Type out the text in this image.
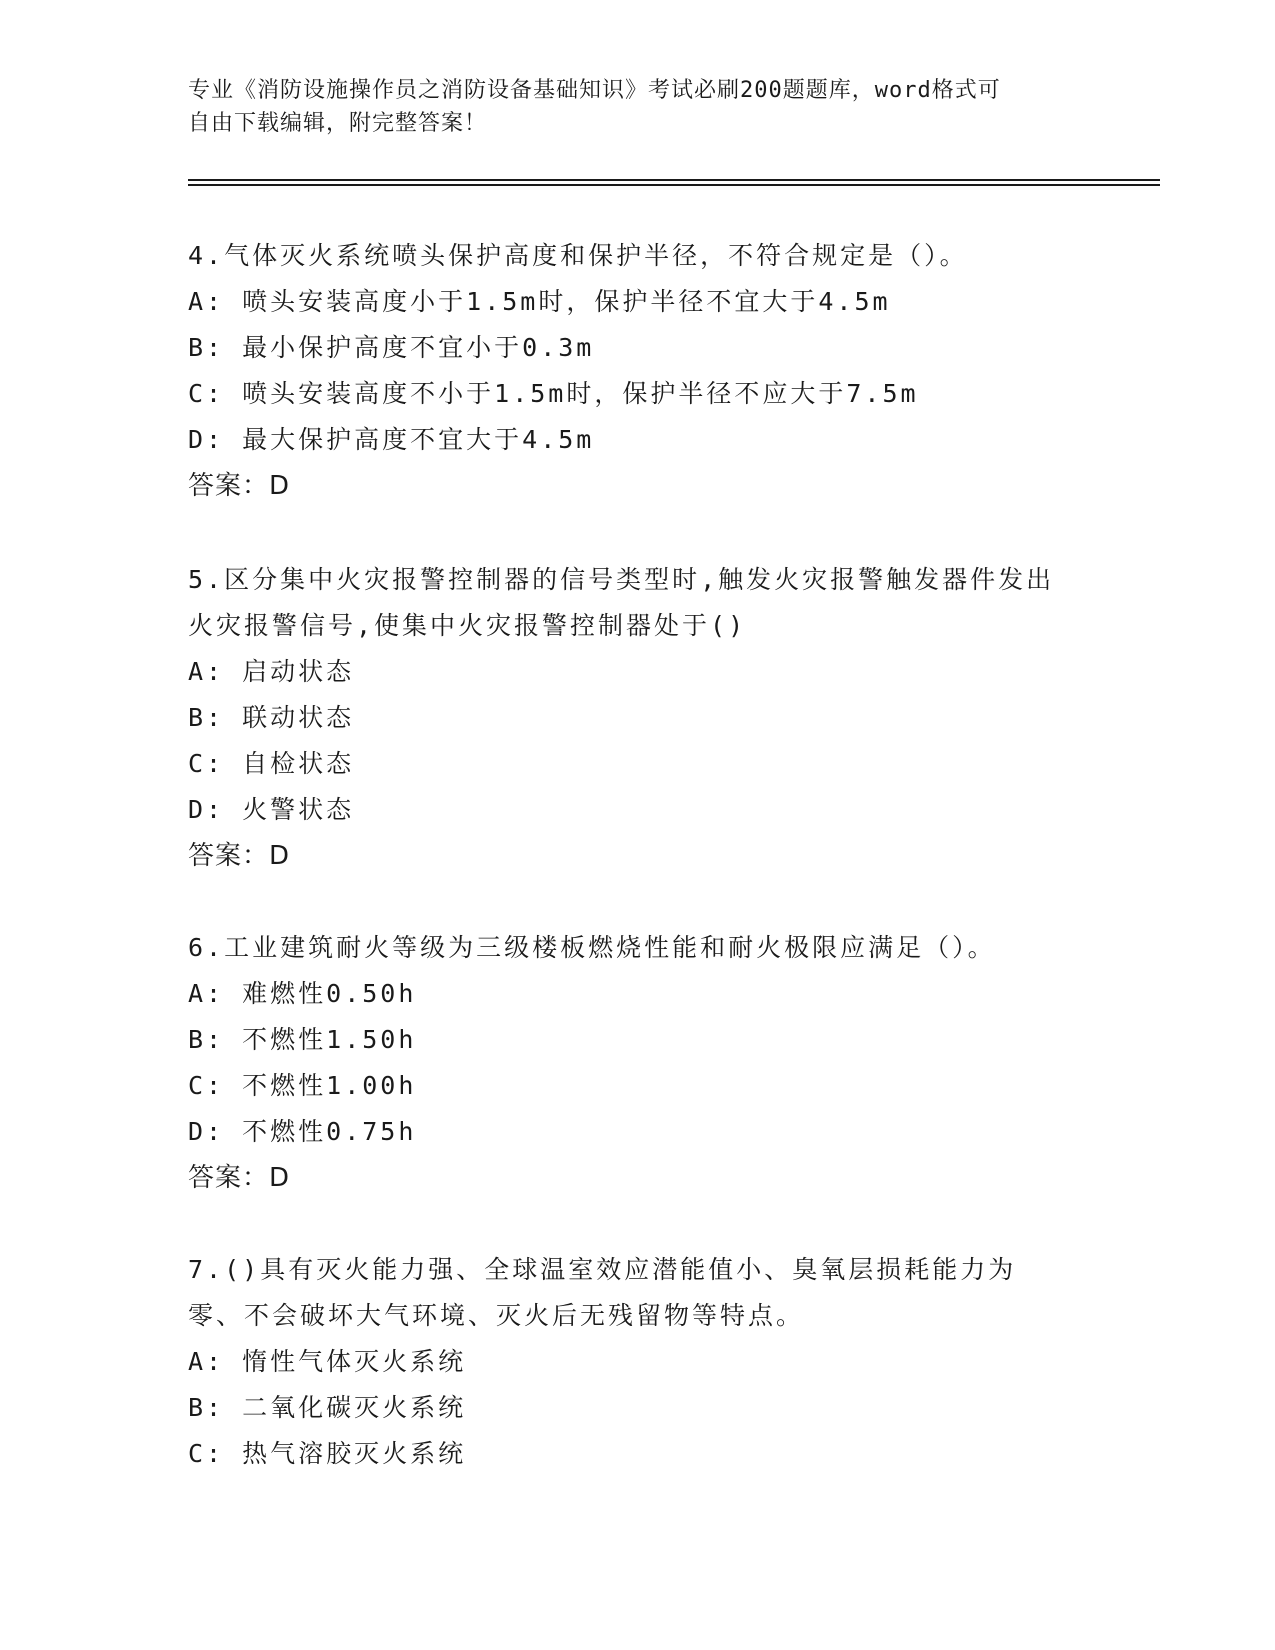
专业《消防设施操作员之消防设备基础知识》考试必刷200题题库，word格式可
自由下载编辑，附完整答案！
4.气体灭火系统喷头保护高度和保护半径，不符合规定是（）。
A: 喷头安装高度小于1.5m时，保护半径不宜大于4.5m
B: 最小保护高度不宜小于0.3m
C: 喷头安装高度不小于1.5m时，保护半径不应大于7.5m
D: 最大保护高度不宜大于4.5m
答案：D
5.区分集中火灾报警控制器的信号类型时,触发火灾报警触发器件发出
火灾报警信号,使集中火灾报警控制器处于()
A: 启动状态
B: 联动状态
C: 自检状态
D: 火警状态
答案：D
6.工业建筑耐火等级为三级楼板燃烧性能和耐火极限应满足（）。
A: 难燃性0.50h
B: 不燃性1.50h
C: 不燃性1.00h
D: 不燃性0.75h
答案：D
7.()具有灭火能力强、全球温室效应潜能值小、臭氧层损耗能力为
零、不会破坏大气环境、灭火后无残留物等特点。
A: 惰性气体灭火系统
B: 二氧化碳灭火系统
C: 热气溶胶灭火系统
